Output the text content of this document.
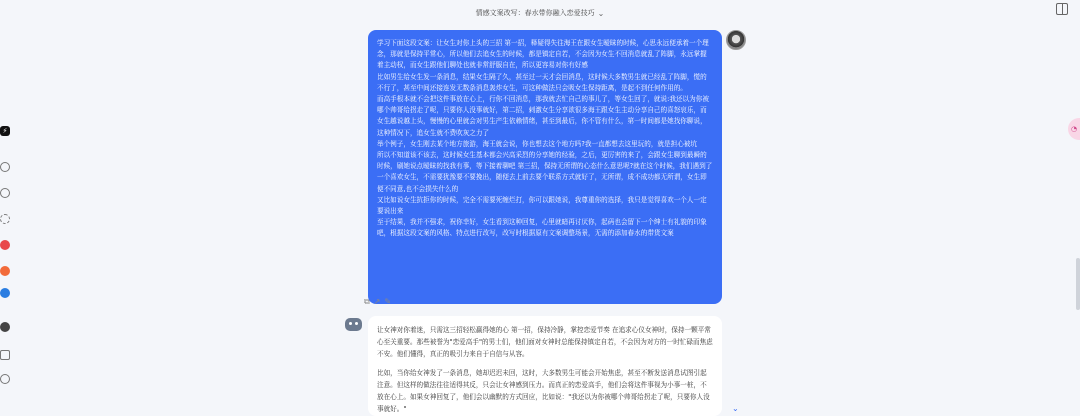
情感文案改写：春水带你融入恋爱技巧 ⌄
⚡

学习下面这段文案：让女生对你上头的三招 第一招，释疑得失往海王在跟女生暧昧的时候，心思永远便承着一个理念，那就是保持平常心，所以他们去追女生的时候，都是镇定自若，不会因为女生不回消息就乱了阵脚，永远掌握着主动权，而女生跟他们聊处也就非常舒服自在，所以更容易对你有好感

比如男生给女生发一条消息，结果女生隔了久，甚至过一天才会回消息，这时候大多数男生就已经乱了阵脚，慌的不行了，甚至中间还接连发无数条消息轰炸女生，可这种做法只会吸女生保持距离，是起不到任何作用的。

而高手根本就不会把这件事放在心上，行你不回消息，那我就去忙自己的事儿了，等女生回了，就说:我还以为你被哪个帅哥给拐走了呢，只要你人没事就好，第二招，刺激女生分享欲很多海王跟女生主动分享自己的喜怒哀乐，而女生越说越上头，慢慢的心里就会对男生产生依赖情绪，甚至到最后，你不管有什么，第一时间都是她找你聊说，这种情况下，追女生就不费吹灰之力了

举个例子，女生刚去某个地方旅游，海王就会说，你也想去这个地方吗?我一直都想去这里玩的，就是担心被坑

所以不知道该不该去，这时候女生基本都会兴高采烈的分享她的经验，之后，更厉害的来了，会跟女生聊到最瞬的时候，刷她说点暧昧的找我有事，等下接着聊吧 第三招，保持无所谓的心态什么意思呢?就在这个时候，我们遇到了一个喜欢女生，不需要犹豫要不要挽出，随便去上前去要个联系方式就好了，无所谓，成不成功都无所谓，女生即便不同意,也不会损失什么的

又比如说女生抗拒你的时候，完全不需要死缠烂打，你可以跟她说，我尊重你的选择，我只是觉得喜欢一个人一定要说出来

至于结果，我并不强求，祝你幸好，女生看到这种回复，心里就暗再讨厌你，起码也会留下一个绅士有礼貌的印象吧，根据这段文案的风格、特点进行改写，改写时根据原有文案调整场景，无需的添加春水的带货文案

⧉ ↗ ✎

让女神对你着迷，只需这三招轻松赢得她的心 第一招，保持冷静，掌控恋爱节奏 在追求心仪女神时，保持一颗平常心至关重要。那些被誉为"恋爱高手"的男士们，他们面对女神时总能保持镇定自若，不会因为对方的一时忙碌而焦虑不安。他们懂得，真正的吸引力来自于自信与从容。

比如，当你给女神发了一条消息，她却迟迟未回，这时，大多数男生可能会开始焦虑，甚至不断发送消息试图引起注意。但这样的做法往往适得其反，只会让女神感到压力。而真正的恋爱高手，他们会将这件事视为小事一桩，不放在心上。如果女神回复了，他们会以幽默的方式回应，比如说："我还以为你被哪个帅哥给拐走了呢，只要你人没事就好。"

◔
⌄
